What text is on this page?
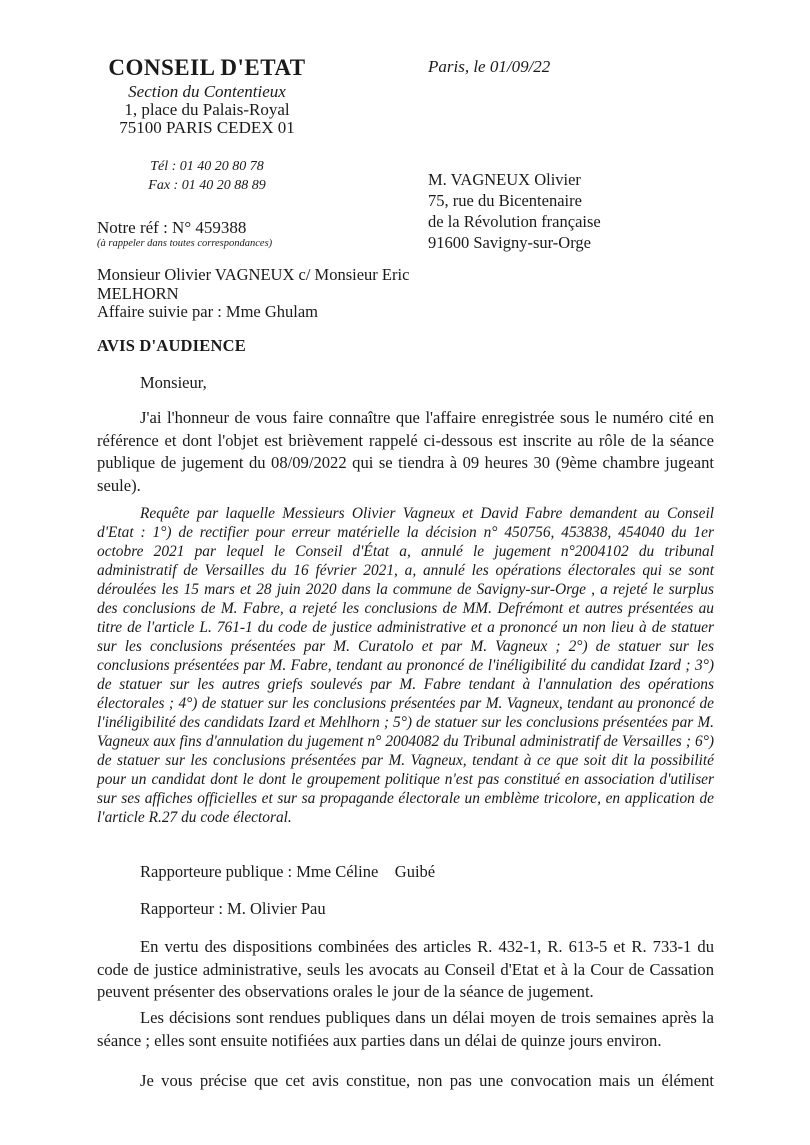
CONSEIL D'ETAT
Section du Contentieux
1, place du Palais-Royal
75100 PARIS CEDEX 01
Tél : 01 40 20 80 78
Fax : 01 40 20 88 89
Notre réf : N° 459388
(à rappeler dans toutes correspondances)
Paris, le 01/09/22
M. VAGNEUX Olivier
75, rue du Bicentenaire
de la Révolution française
91600 Savigny-sur-Orge
Monsieur Olivier VAGNEUX c/ Monsieur Eric
MELHORN
Affaire suivie par : Mme Ghulam
AVIS D'AUDIENCE
Monsieur,

J'ai l'honneur de vous faire connaître que l'affaire enregistrée sous le numéro cité en référence et dont l'objet est brièvement rappelé ci-dessous est inscrite au rôle de la séance publique de jugement du 08/09/2022 qui se tiendra à 09 heures 30 (9ème chambre jugeant seule).

Requête par laquelle Messieurs Olivier Vagneux et David Fabre demandent au Conseil d'Etat : 1°) de rectifier pour erreur matérielle la décision n° 450756, 453838, 454040 du 1er octobre 2021 par lequel le Conseil d'État a, annulé le jugement n°2004102 du tribunal administratif de Versailles du 16 février 2021, a, annulé les opérations électorales qui se sont déroulées les 15 mars et 28 juin 2020 dans la commune de Savigny-sur-Orge , a rejeté le surplus des conclusions de M. Fabre, a rejeté les conclusions de MM. Defrémont et autres présentées au titre de l'article L. 761-1 du code de justice administrative et a prononcé un non lieu à de statuer sur les conclusions présentées par M. Curatolo et par M. Vagneux ; 2°) de statuer sur les conclusions présentées par M. Fabre, tendant au prononcé de l'inéligibilité du candidat Izard ; 3°) de statuer sur les autres griefs soulevés par M. Fabre tendant à l'annulation des opérations électorales ; 4°) de statuer sur les conclusions présentées par M. Vagneux, tendant au prononcé de l'inéligibilité des candidats Izard et Mehlhorn ; 5°) de statuer sur les conclusions présentées par M. Vagneux aux fins d'annulation du jugement n° 2004082 du Tribunal administratif de Versailles ; 6°) de statuer sur les conclusions présentées par M. Vagneux, tendant à ce que soit dit la possibilité pour un candidat dont le dont le groupement politique n'est pas constitué en association d'utiliser sur ses affiches officielles et sur sa propagande électorale un emblème tricolore, en application de l'article R.27 du code électoral.

Rapporteure publique : Mme Céline    Guibé
Rapporteur : M. Olivier Pau

En vertu des dispositions combinées des articles R. 432-1, R. 613-5 et R. 733-1 du code de justice administrative, seuls les avocats au Conseil d'Etat et à la Cour de Cassation peuvent présenter des observations orales le jour de la séance de jugement.

Les décisions sont rendues publiques dans un délai moyen de trois semaines après la séance ; elles sont ensuite notifiées aux parties dans un délai de quinze jours environ.

Je vous précise que cet avis constitue, non pas une convocation mais un élément
